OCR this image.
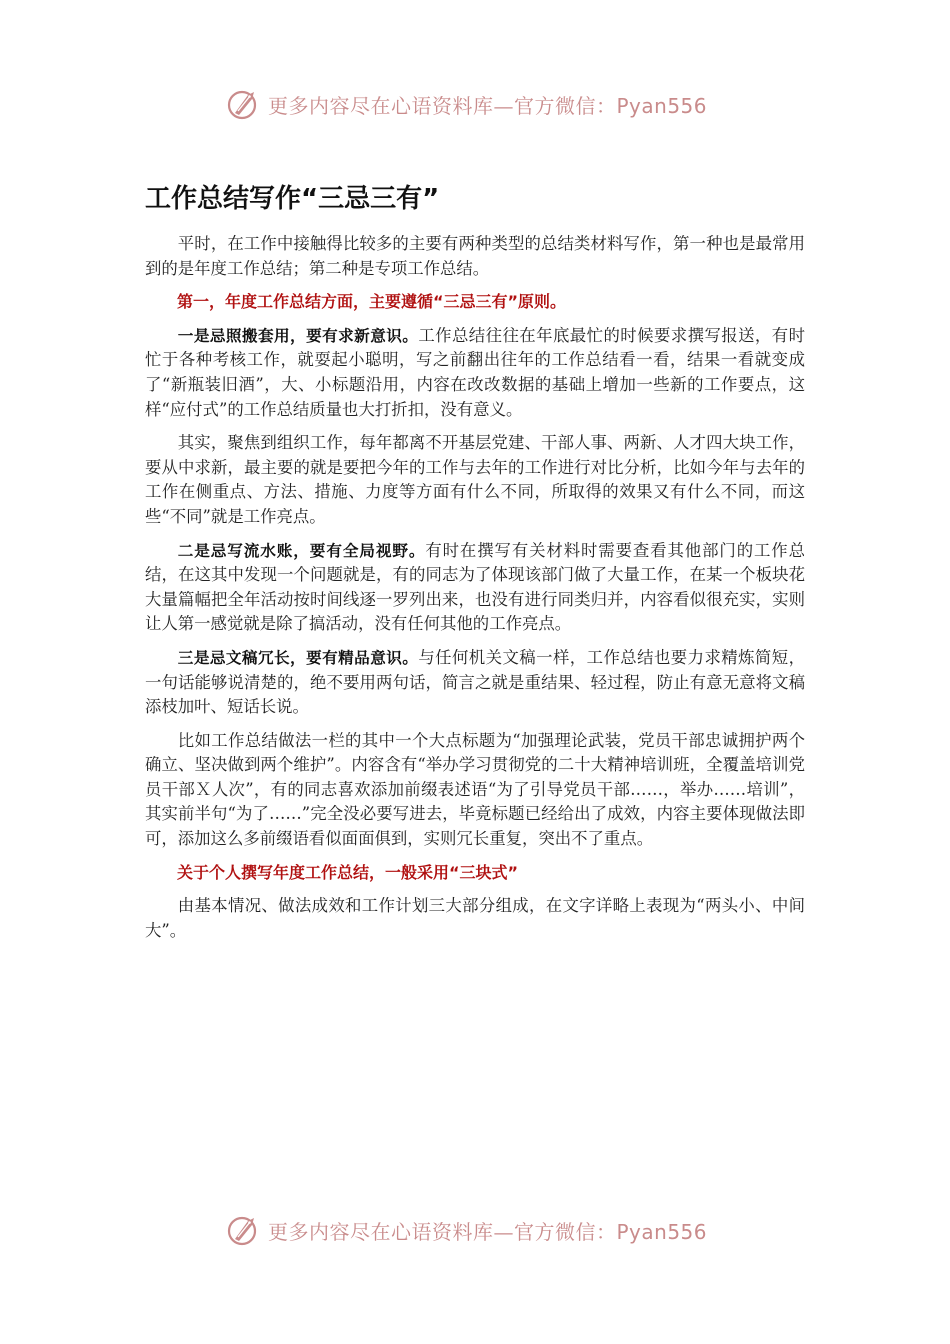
更多内容尽在心语资料库—官方微信：Pyan556
工作总结写作“三忌三有”

平时，在工作中接触得比较多的主要有两种类型的总结类材料写作，第一种也是最常用到的是年度工作总结；第二种是专项工作总结。

第一，年度工作总结方面，主要遵循“三忌三有”原则。

一是忌照搬套用，要有求新意识。工作总结往往在年底最忙的时候要求撰写报送，有时忙于各种考核工作，就耍起小聪明，写之前翻出往年的工作总结看一看，结果一看就变成了“新瓶装旧酒”，大、小标题沿用，内容在改改数据的基础上增加一些新的工作要点，这样“应付式”的工作总结质量也大打折扣，没有意义。

其实，聚焦到组织工作，每年都离不开基层党建、干部人事、两新、人才四大块工作，要从中求新，最主要的就是要把今年的工作与去年的工作进行对比分析，比如今年与去年的工作在侧重点、方法、措施、力度等方面有什么不同，所取得的效果又有什么不同，而这些“不同”就是工作亮点。

二是忌写流水账，要有全局视野。有时在撰写有关材料时需要查看其他部门的工作总结，在这其中发现一个问题就是，有的同志为了体现该部门做了大量工作，在某一个板块花大量篇幅把全年活动按时间线逐一罗列出来，也没有进行同类归并，内容看似很充实，实则让人第一感觉就是除了搞活动，没有任何其他的工作亮点。

三是忌文稿冗长，要有精品意识。与任何机关文稿一样，工作总结也要力求精炼简短，一句话能够说清楚的，绝不要用两句话，简言之就是重结果、轻过程，防止有意无意将文稿添枝加叶、短话长说。

比如工作总结做法一栏的其中一个大点标题为“加强理论武装，党员干部忠诚拥护两个确立、坚决做到两个维护”。内容含有“举办学习贯彻党的二十大精神培训班，全覆盖培训党员干部Ｘ人次”，有的同志喜欢添加前缀表述语“为了引导党员干部……，举办……培训”，其实前半句“为了……”完全没必要写进去，毕竟标题已经给出了成效，内容主要体现做法即可，添加这么多前缀语看似面面俱到，实则冗长重复，突出不了重点。

关于个人撰写年度工作总结，一般采用“三块式”

由基本情况、做法成效和工作计划三大部分组成，在文字详略上表现为“两头小、中间大”。

更多内容尽在心语资料库—官方微信：Pyan556
